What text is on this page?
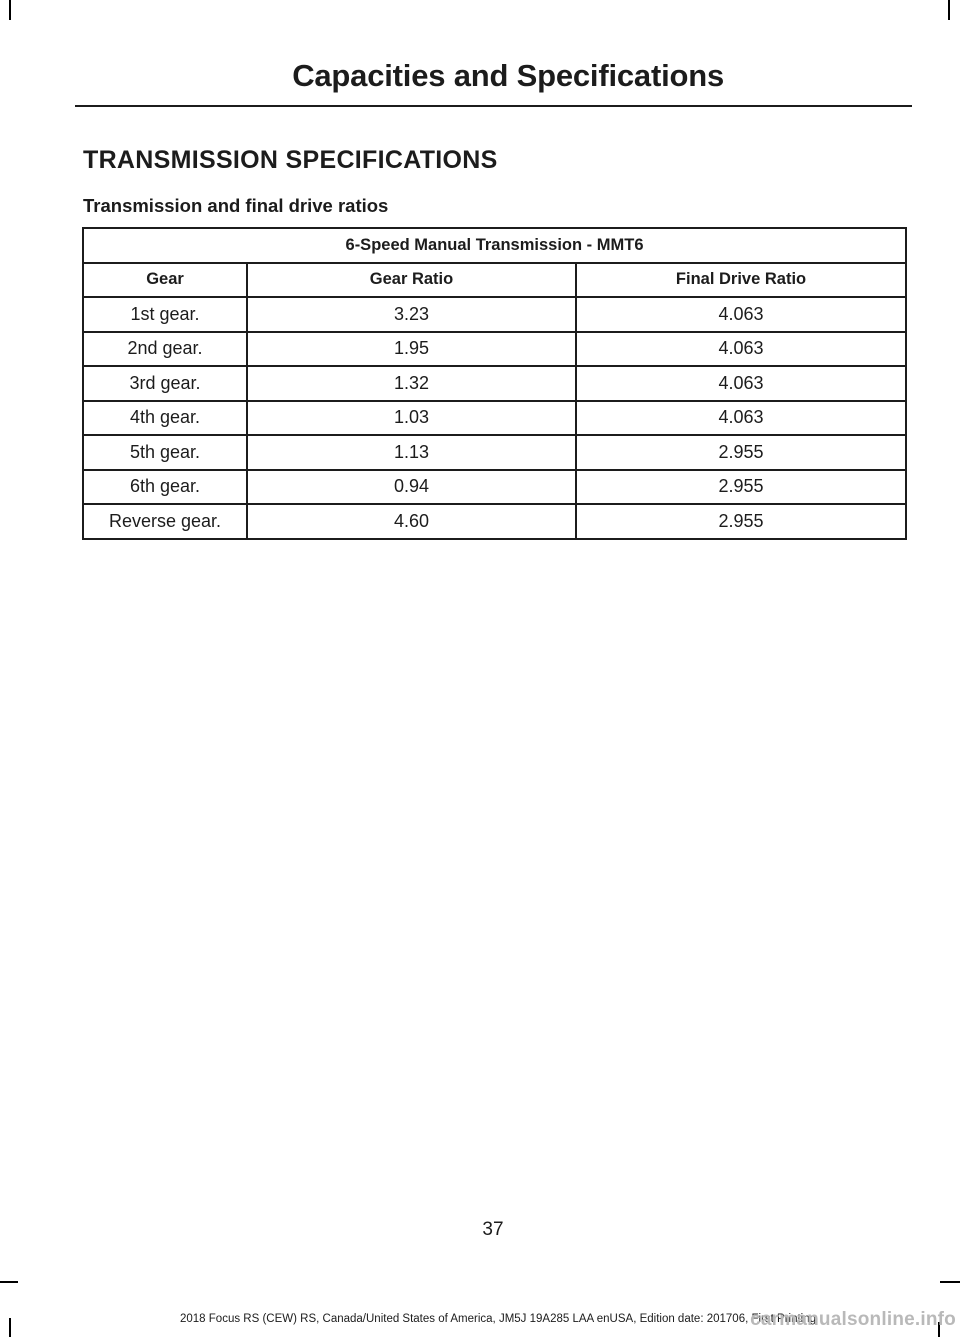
Capacities and Specifications
TRANSMISSION SPECIFICATIONS
Transmission and final drive ratios
6-Speed Manual Transmission - MMT6		
Gear	Gear Ratio	Final Drive Ratio
1st gear.	3.23	4.063
2nd gear.	1.95	4.063
3rd gear.	1.32	4.063
4th gear.	1.03	4.063
5th gear.	1.13	2.955
6th gear.	0.94	2.955
Reverse gear.	4.60	2.955
37
2018 Focus RS (CEW) RS, Canada/United States of America, JM5J 19A285 LAA enUSA, Edition date: 201706, First Printing
carmanualsonline.info
